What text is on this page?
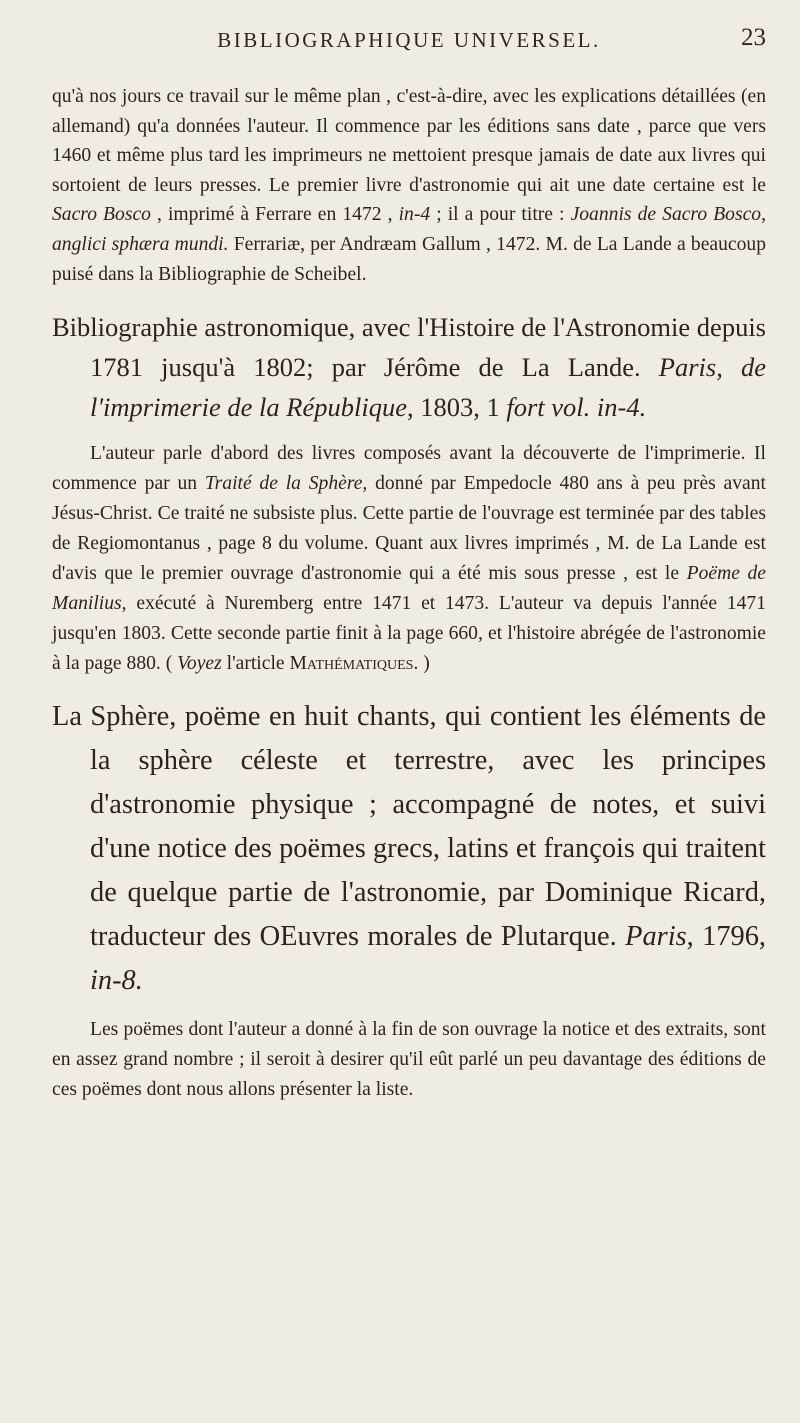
BIBLIOGRAPHIQUE UNIVERSEL.	23

qu'à nos jours ce travail sur le même plan , c'est-à-dire, avec les explications détaillées (en allemand) qu'a données l'auteur. Il commence par les éditions sans date , parce que vers 1460 et même plus tard les imprimeurs ne mettoient presque jamais de date aux livres qui sortoient de leurs presses. Le premier livre d'astronomie qui ait une date certaine est le Sacro Bosco , imprimé à Ferrare en 1472 , in-4 ; il a pour titre : Joannis de Sacro Bosco, anglici sphæra mundi. Ferrariæ, per Andræam Gallum , 1472. M. de La Lande a beaucoup puisé dans la Bibliographie de Scheibel.

Bibliographie astronomique, avec l'Histoire de l'Astronomie depuis 1781 jusqu'à 1802; par Jérôme de La Lande. Paris, de l'imprimerie de la République, 1803, 1 fort vol. in-4.

L'auteur parle d'abord des livres composés avant la découverte de l'imprimerie. Il commence par un Traité de la Sphère, donné par Empedocle 480 ans à peu près avant Jésus-Christ. Ce traité ne subsiste plus. Cette partie de l'ouvrage est terminée par des tables de Regiomontanus , page 8 du volume. Quant aux livres imprimés , M. de La Lande est d'avis que le premier ouvrage d'astronomie qui a été mis sous presse , est le Poëme de Manilius, exécuté à Nuremberg entre 1471 et 1473. L'auteur va depuis l'année 1471 jusqu'en 1803. Cette seconde partie finit à la page 660, et l'histoire abrégée de l'astronomie à la page 880. ( Voyez l'article Mathématiques. )

La Sphère, poëme en huit chants, qui contient les éléments de la sphère céleste et terrestre, avec les principes d'astronomie physique ; accompagné de notes, et suivi d'une notice des poëmes grecs, latins et françois qui traitent de quelque partie de l'astronomie, par Dominique Ricard, traducteur des OEuvres morales de Plutarque. Paris, 1796, in-8.

Les poëmes dont l'auteur a donné à la fin de son ouvrage la notice et des extraits, sont en assez grand nombre ; il seroit à desirer qu'il eût parlé un peu davantage des éditions de ces poëmes dont nous allons présenter la liste.
